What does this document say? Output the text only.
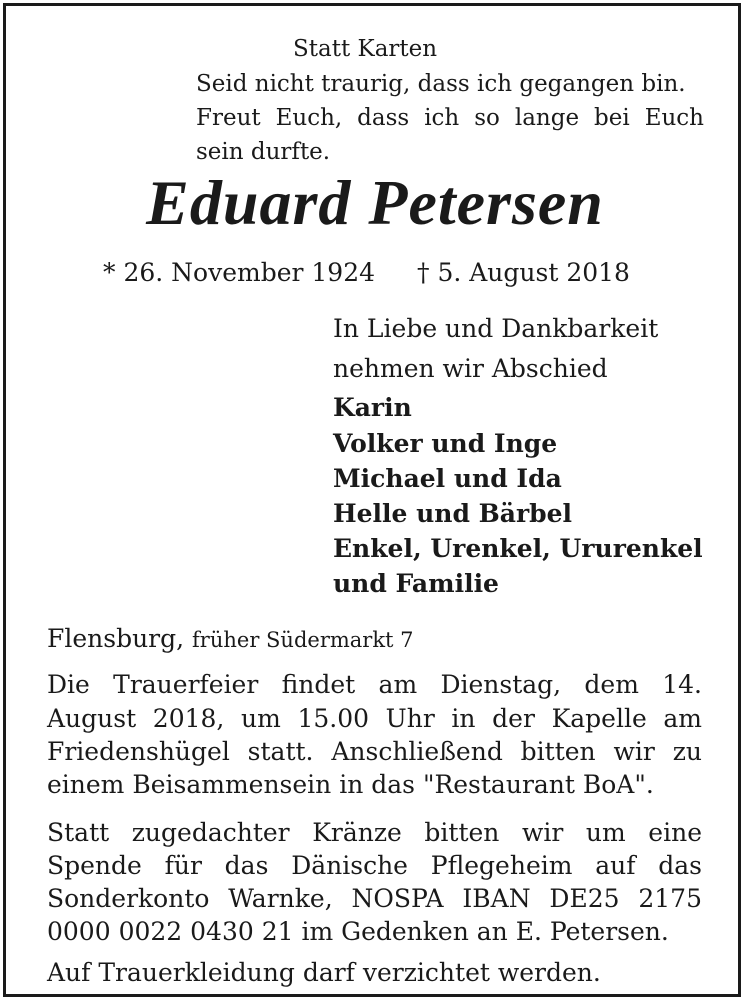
Statt Karten
Seid nicht traurig, dass ich gegangen bin.
Freut Euch, dass ich so lange bei Euch
sein durfte.
Eduard Petersen
* 26. November 1924 † 5. August 2018
In Liebe und Dankbarkeit
nehmen wir Abschied
Karin
Volker und Inge
Michael und Ida
Helle und Bärbel
Enkel, Urenkel, Ururenkel
und Familie
Flensburg, früher Südermarkt 7
Die Trauerfeier findet am Dienstag, dem 14.
August 2018, um 15.00 Uhr in der Kapelle am
Friedenshügel statt. Anschließend bitten wir zu
einem Beisammensein in das "Restaurant BoA".
Statt zugedachter Kränze bitten wir um eine
Spende für das Dänische Pflegeheim auf das
Sonderkonto Warnke, NOSPA IBAN DE25 2175
0000 0022 0430 21 im Gedenken an E. Petersen.
Auf Trauerkleidung darf verzichtet werden.
